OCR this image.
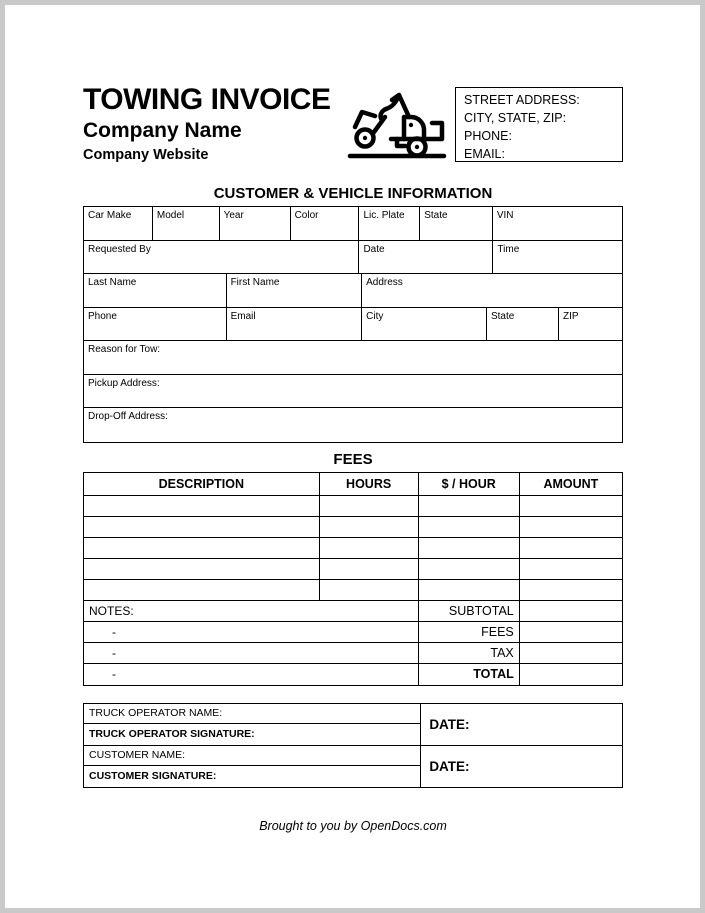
TOWING INVOICE
Company Name
Company Website
STREET ADDRESS:
CITY, STATE, ZIP:
PHONE:
EMAIL:
CUSTOMER & VEHICLE INFORMATION
Car Make	Model	Year	Color	Lic. Plate	State	VIN
Requested By	Date	Time
Last Name	First Name	Address
Phone	Email	City	State	ZIP
Reason for Tow:
Pickup Address:
Drop-Off Address:
FEES
DESCRIPTION	HOURS	$ / HOUR	AMOUNT
NOTES:	SUBTOTAL
-	FEES
-	TAX
-	TOTAL
TRUCK OPERATOR NAME:
TRUCK OPERATOR SIGNATURE:
DATE:
CUSTOMER NAME:
CUSTOMER SIGNATURE:
DATE:
Brought to you by OpenDocs.com
